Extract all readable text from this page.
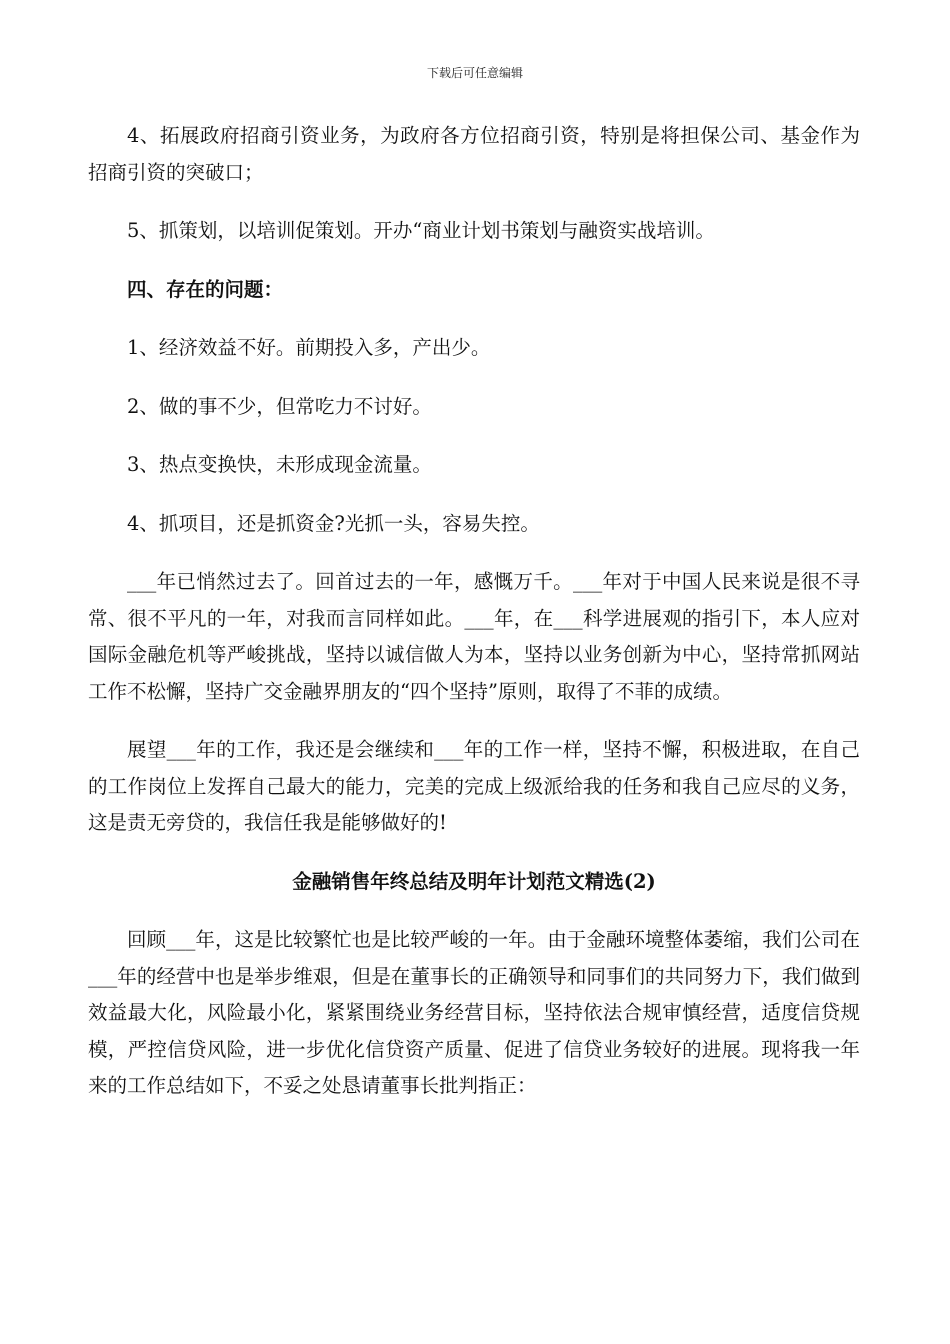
下载后可任意编辑

4、拓展政府招商引资业务，为政府各方位招商引资，特别是将担保公司、基金作为招商引资的突破口；

5、抓策划，以培训促策划。开办“商业计划书策划与融资实战培训。

四、存在的问题：

1、经济效益不好。前期投入多，产出少。

2、做的事不少，但常吃力不讨好。

3、热点变换快，未形成现金流量。

4、抓项目，还是抓资金?光抓一头，容易失控。

___年已悄然过去了。回首过去的一年，感慨万千。___年对于中国人民来说是很不寻常、很不平凡的一年，对我而言同样如此。___年，在___科学进展观的指引下，本人应对国际金融危机等严峻挑战，坚持以诚信做人为本，坚持以业务创新为中心，坚持常抓网站工作不松懈，坚持广交金融界朋友的“四个坚持”原则，取得了不菲的成绩。

展望___年的工作，我还是会继续和___年的工作一样，坚持不懈，积极进取，在自己的工作岗位上发挥自己最大的能力，完美的完成上级派给我的任务和我自己应尽的义务，这是责无旁贷的，我信任我是能够做好的!

金融销售年终总结及明年计划范文精选(2)

回顾___年，这是比较繁忙也是比较严峻的一年。由于金融环境整体萎缩，我们公司在___年的经营中也是举步维艰，但是在董事长的正确领导和同事们的共同努力下，我们做到效益最大化，风险最小化，紧紧围绕业务经营目标，坚持依法合规审慎经营，适度信贷规模，严控信贷风险，进一步优化信贷资产质量、促进了信贷业务较好的进展。现将我一年来的工作总结如下，不妥之处恳请董事长批判指正：
